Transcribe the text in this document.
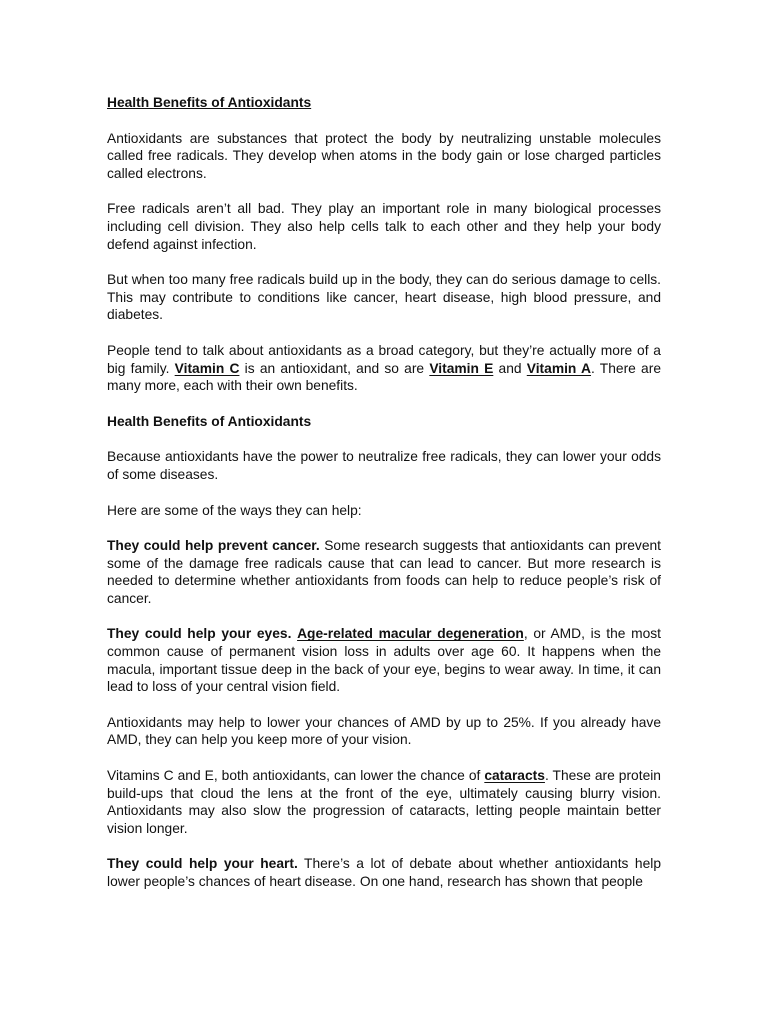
Health Benefits of Antioxidants

Antioxidants are substances that protect the body by neutralizing unstable molecules called free radicals. They develop when atoms in the body gain or lose charged particles called electrons.

Free radicals aren’t all bad. They play an important role in many biological processes including cell division. They also help cells talk to each other and they help your body defend against infection.

But when too many free radicals build up in the body, they can do serious damage to cells. This may contribute to conditions like cancer, heart disease, high blood pressure, and diabetes.

People tend to talk about antioxidants as a broad category, but they’re actually more of a big family. Vitamin C is an antioxidant, and so are Vitamin E and Vitamin A. There are many more, each with their own benefits.

Health Benefits of Antioxidants

Because antioxidants have the power to neutralize free radicals, they can lower your odds of some diseases.

Here are some of the ways they can help:

They could help prevent cancer. Some research suggests that antioxidants can prevent some of the damage free radicals cause that can lead to cancer. But more research is needed to determine whether antioxidants from foods can help to reduce people’s risk of cancer.

They could help your eyes. Age-related macular degeneration, or AMD, is the most common cause of permanent vision loss in adults over age 60. It happens when the macula, important tissue deep in the back of your eye, begins to wear away. In time, it can lead to loss of your central vision field.

Antioxidants may help to lower your chances of AMD by up to 25%. If you already have AMD, they can help you keep more of your vision.

Vitamins C and E, both antioxidants, can lower the chance of cataracts. These are protein build-ups that cloud the lens at the front of the eye, ultimately causing blurry vision. Antioxidants may also slow the progression of cataracts, letting people maintain better vision longer.

They could help your heart. There’s a lot of debate about whether antioxidants help lower people’s chances of heart disease. On one hand, research has shown that people
